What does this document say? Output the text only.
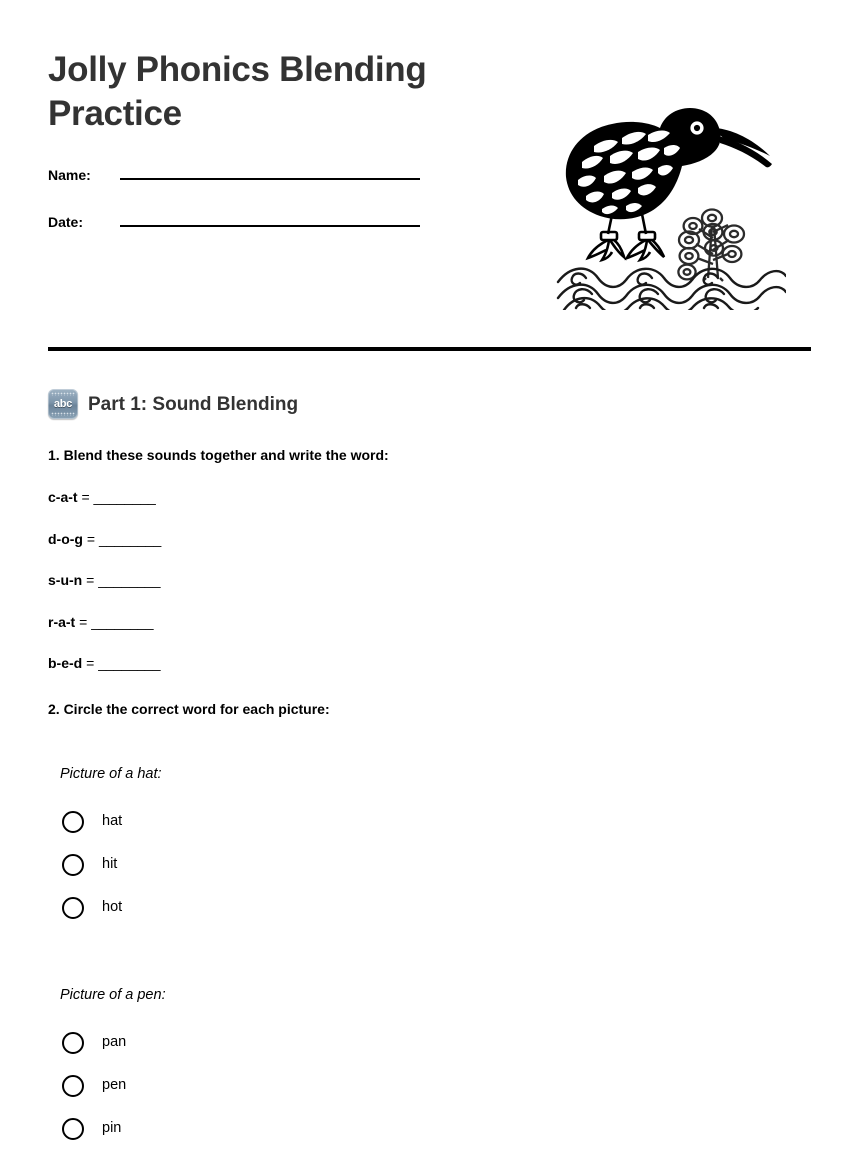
Jolly Phonics Blending Practice
Name:
Date:
abc Part 1: Sound Blending
1. Blend these sounds together and write the word:
c-a-t = ________
d-o-g = ________
s-u-n = ________
r-a-t = ________
b-e-d = ________
2. Circle the correct word for each picture:
Picture of a hat:
hat
hit
hot
Picture of a pen:
pan
pen
pin
